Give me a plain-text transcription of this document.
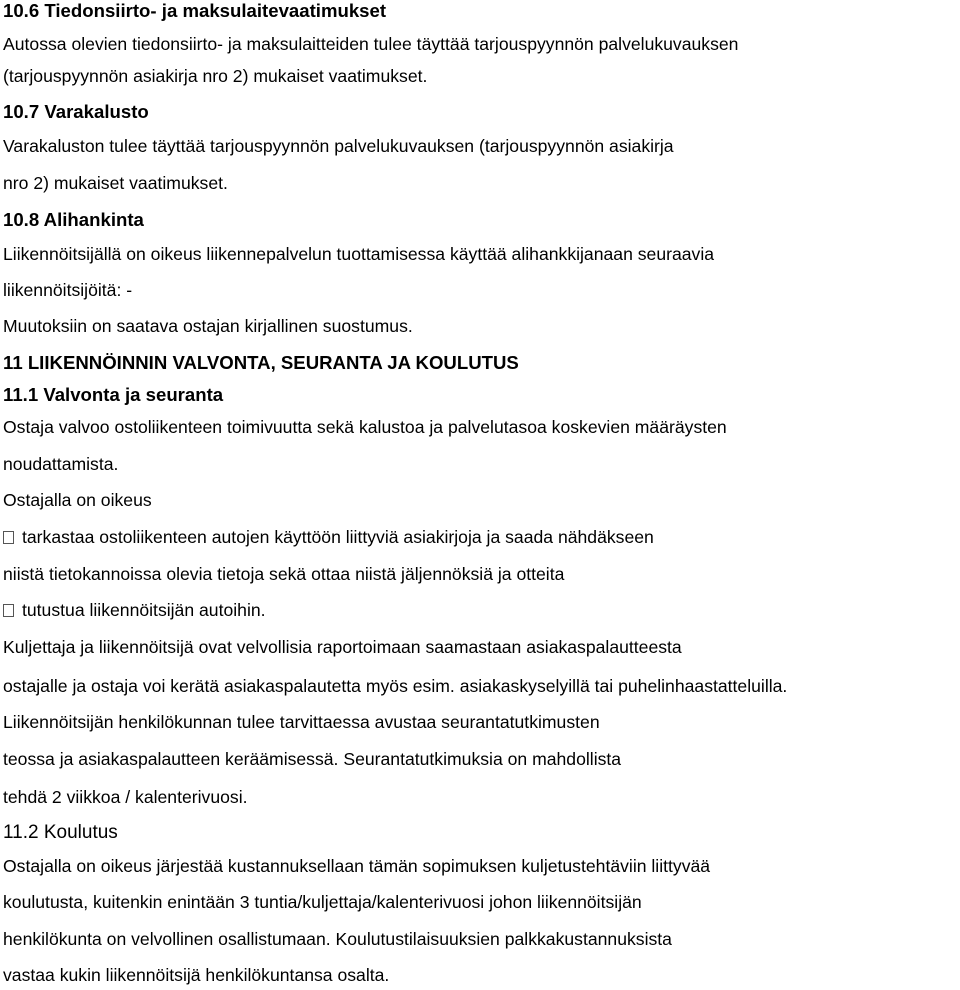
10.6 Tiedonsiirto- ja maksulaitevaatimukset
Autossa olevien tiedonsiirto- ja maksulaitteiden tulee täyttää tarjouspyynnön palvelukuvauksen
(tarjouspyynnön asiakirja nro 2) mukaiset vaatimukset.
10.7 Varakalusto
Varakaluston tulee täyttää tarjouspyynnön palvelukuvauksen (tarjouspyynnön asiakirja
nro 2) mukaiset vaatimukset.
10.8 Alihankinta
Liikennöitsijällä on oikeus liikennepalvelun tuottamisessa käyttää alihankkijanaan seuraavia
liikennöitsijöitä: -
Muutoksiin on saatava ostajan kirjallinen suostumus.
11 LIIKENNÖINNIN VALVONTA, SEURANTA JA KOULUTUS
11.1 Valvonta ja seuranta
Ostaja valvoo ostoliikenteen toimivuutta sekä kalustoa ja palvelutasoa koskevien määräysten
noudattamista.
Ostajalla on oikeus
tarkastaa ostoliikenteen autojen käyttöön liittyviä asiakirjoja ja saada nähdäkseen
niistä tietokannoissa olevia tietoja sekä ottaa niistä jäljennöksiä ja otteita
tutustua liikennöitsijän autoihin.
Kuljettaja ja liikennöitsijä ovat velvollisia raportoimaan saamastaan asiakaspalautteesta
ostajalle ja ostaja voi kerätä asiakaspalautetta myös esim. asiakaskyselyillä tai puhelinhaastatteluilla.
Liikennöitsijän henkilökunnan tulee tarvittaessa avustaa seurantatutkimusten
teossa ja asiakaspalautteen keräämisessä. Seurantatutkimuksia on mahdollista
tehdä 2 viikkoa / kalenterivuosi.
11.2 Koulutus
Ostajalla on oikeus järjestää kustannuksellaan tämän sopimuksen kuljetustehtäviin liittyvää
koulutusta, kuitenkin enintään 3 tuntia/kuljettaja/kalenterivuosi johon liikennöitsijän
henkilökunta on velvollinen osallistumaan. Koulutustilaisuuksien palkkakustannuksista
vastaa kukin liikennöitsijä henkilökuntansa osalta.
